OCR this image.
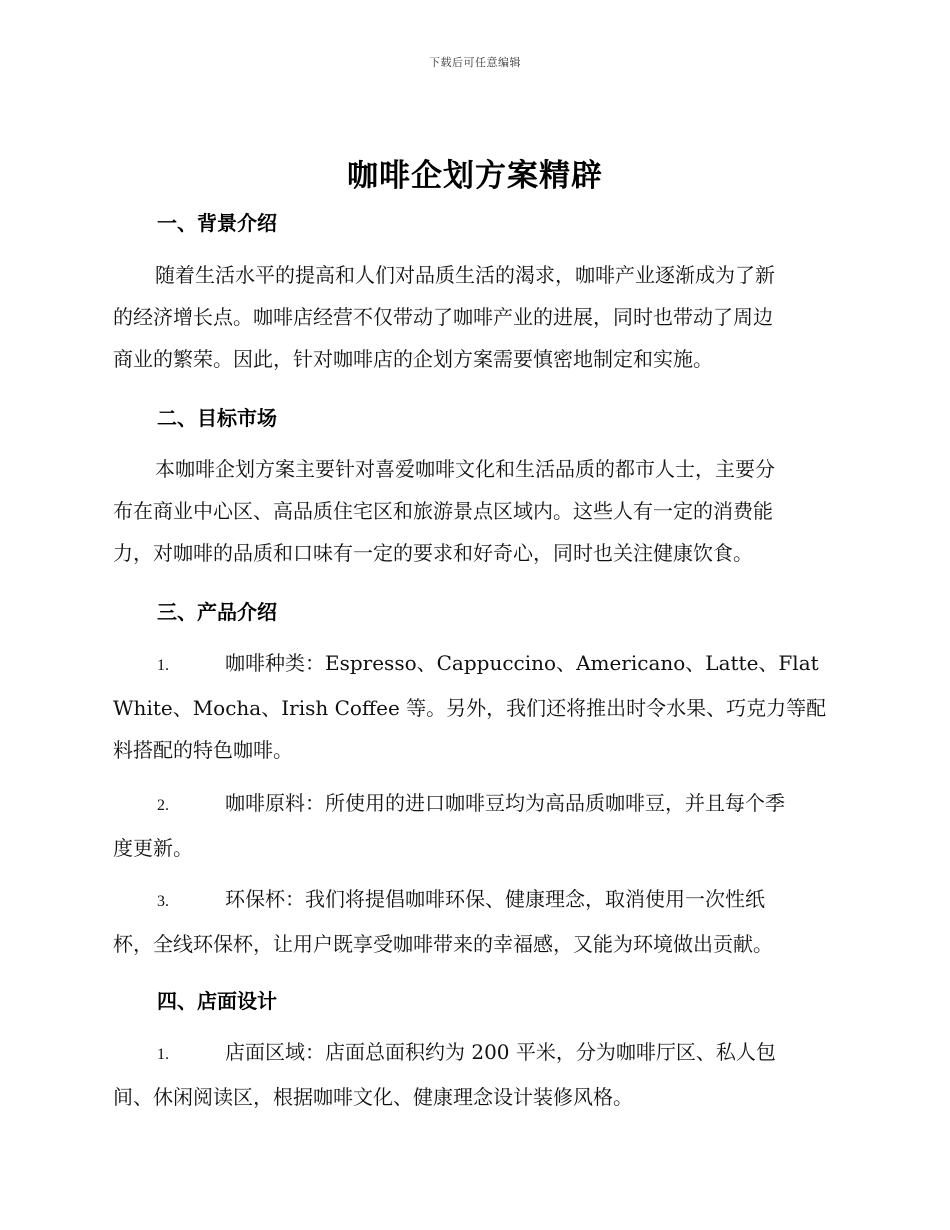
下载后可任意编辑
咖啡企划方案精辟
一、背景介绍
随着生活水平的提高和人们对品质生活的渴求，咖啡产业逐渐成为了新
的经济增长点。咖啡店经营不仅带动了咖啡产业的进展，同时也带动了周边
商业的繁荣。因此，针对咖啡店的企划方案需要慎密地制定和实施。
二、目标市场
本咖啡企划方案主要针对喜爱咖啡文化和生活品质的都市人士，主要分
布在商业中心区、高品质住宅区和旅游景点区域内。这些人有一定的消费能
力，对咖啡的品质和口味有一定的要求和好奇心，同时也关注健康饮食。
三、产品介绍
1.	咖啡种类：Espresso、Cappuccino、Americano、Latte、Flat
White、Mocha、Irish Coffee 等。另外，我们还将推出时令水果、巧克力等配
料搭配的特色咖啡。
2.	咖啡原料：所使用的进口咖啡豆均为高品质咖啡豆，并且每个季
度更新。
3.	环保杯：我们将提倡咖啡环保、健康理念，取消使用一次性纸
杯，全线环保杯，让用户既享受咖啡带来的幸福感，又能为环境做出贡献。
四、店面设计
1.	店面区域：店面总面积约为 200 平米，分为咖啡厅区、私人包
间、休闲阅读区，根据咖啡文化、健康理念设计装修风格。
